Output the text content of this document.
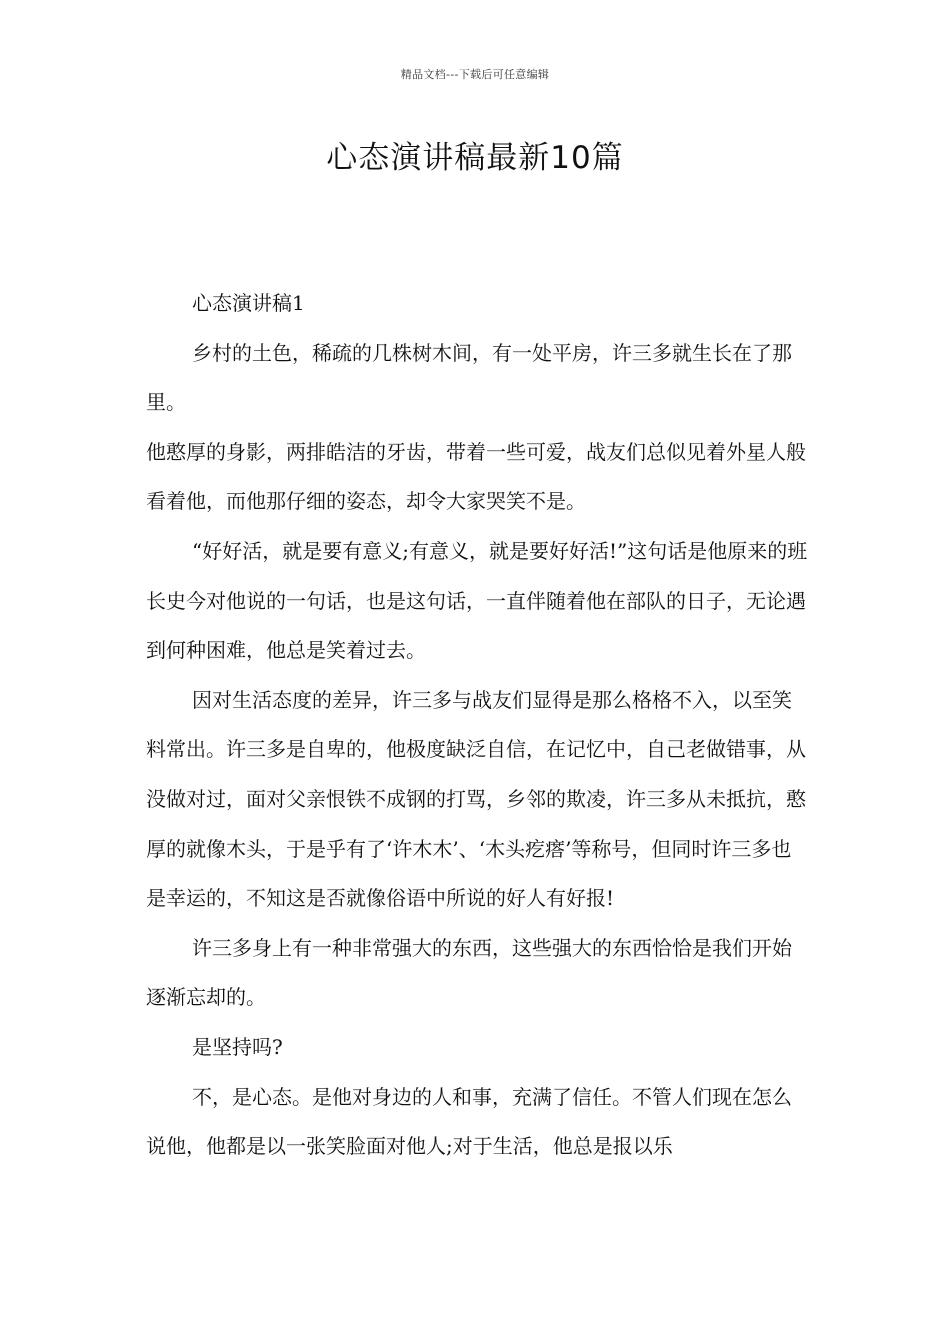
精品文档---下载后可任意编辑
心态演讲稿最新10篇

心态演讲稿1

乡村的土色，稀疏的几株树木间，有一处平房，许三多就生长在了那里。

他憨厚的身影，两排皓洁的牙齿，带着一些可爱，战友们总似见着外星人般看着他，而他那仔细的姿态，却令大家哭笑不是。

“好好活，就是要有意义;有意义，就是要好好活!”这句话是他原来的班长史今对他说的一句话，也是这句话，一直伴随着他在部队的日子，无论遇到何种困难，他总是笑着过去。

因对生活态度的差异，许三多与战友们显得是那么格格不入，以至笑料常出。许三多是自卑的，他极度缺泛自信，在记忆中，自己老做错事，从没做对过，面对父亲恨铁不成钢的打骂，乡邻的欺凌，许三多从未抵抗，憨厚的就像木头，于是乎有了‘许木木’、‘木头疙瘩’等称号，但同时许三多也是幸运的，不知这是否就像俗语中所说的好人有好报!

许三多身上有一种非常强大的东西，这些强大的东西恰恰是我们开始逐渐忘却的。

是坚持吗?

不，是心态。是他对身边的人和事，充满了信任。不管人们现在怎么说他，他都是以一张笑脸面对他人;对于生活，他总是报以乐
